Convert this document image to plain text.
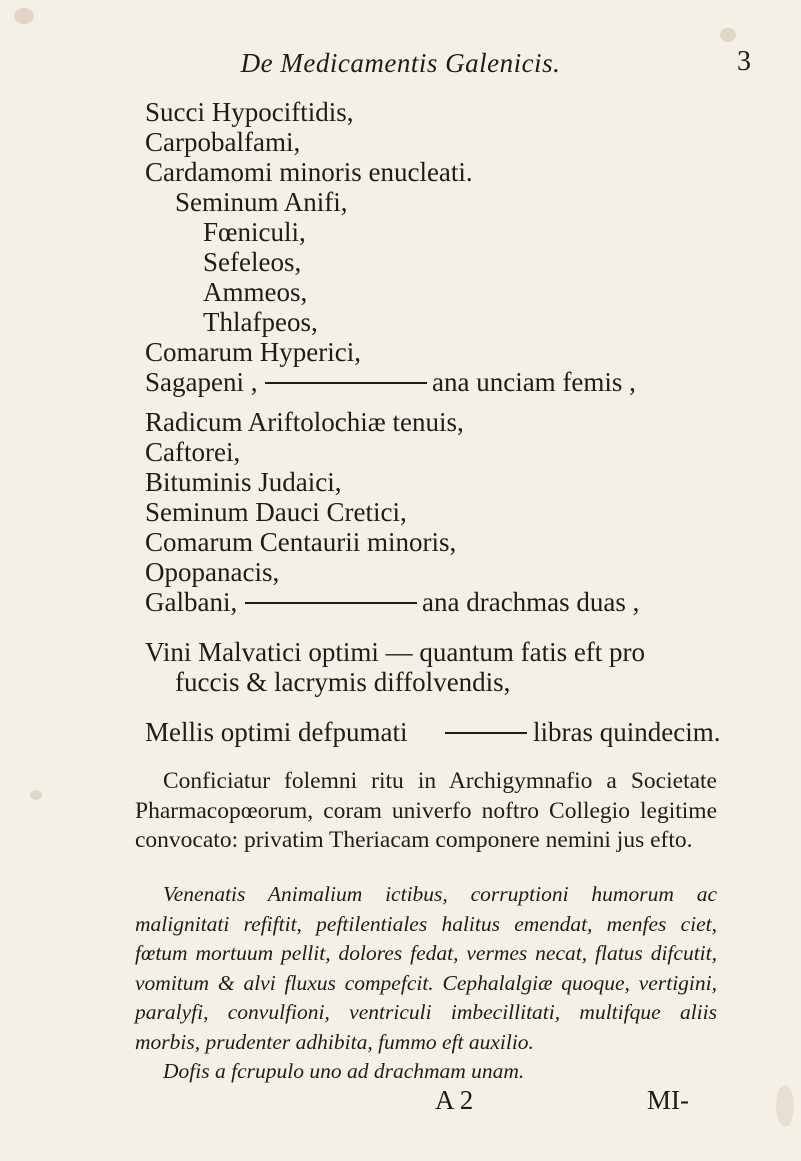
De Medicamentis Galenicis.	3
Succi Hypociftidis,
Carpobalfami,
Cardamomi minoris enucleati.
Seminum Anifi,
Fœniculi,
Sefeleos,
Ammeos,
Thlafpeos,
Comarum Hyperici,
Sagapeni ,	ana unciam femis ,
Radicum Ariftolochiæ tenuis,
Caftorei,
Bituminis Judaici,
Seminum Dauci Cretici,
Comarum Centaurii minoris,
Opopanacis,
Galbani,	ana drachmas duas ,
Vini Malvatici optimi — quantum fatis eft pro
fuccis & lacrymis diffolvendis,
Mellis optimi defpumati	libras quindecim.
Conficiatur folemni ritu in Archigymnafio a Societate Pharmacopœorum, coram univerfo noftro Collegio legitime convocato: privatim Theriacam componere nemini jus efto.
Venenatis Animalium ictibus, corruptioni humorum ac malignitati refiftit, peftilentiales halitus emendat, menfes ciet, fœtum mortuum pellit, dolores fedat, vermes necat, flatus difcutit, vomitum & alvi fluxus compefcit. Cephalalgiæ quoque, vertigini, paralyfi, convulfioni, ventriculi imbecillitati, multifque aliis morbis, prudenter adhibita, fummo eft auxilio.
Dofis a fcrupulo uno ad drachmam unam.
A 2	MI-
